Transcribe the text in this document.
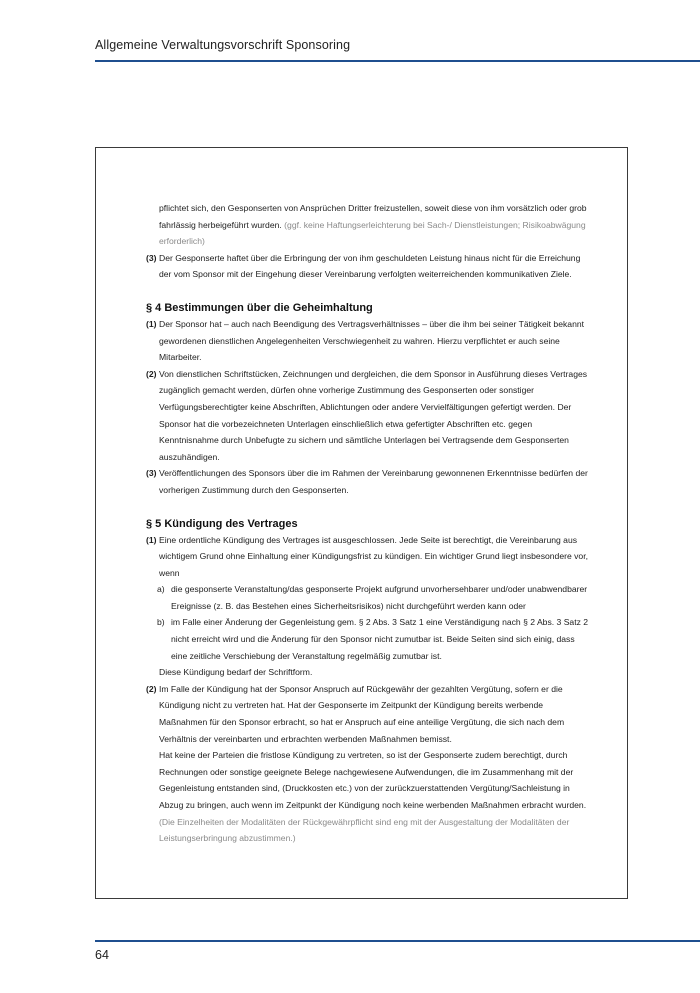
Allgemeine Verwaltungsvorschrift Sponsoring

pflichtet sich, den Gesponserten von Ansprüchen Dritter freizustellen, soweit diese von ihm vorsätzlich oder grob fahrlässig herbeigeführt wurden. (ggf. keine Haftungserleichterung bei Sach-/ Dienstleistungen; Risikoabwägung erforderlich)

(3) Der Gesponserte haftet über die Erbringung der von ihm geschuldeten Leistung hinaus nicht für die Erreichung der vom Sponsor mit der Eingehung dieser Vereinbarung verfolgten weiterreichenden kommunikativen Ziele.

§ 4 Bestimmungen über die Geheimhaltung

(1) Der Sponsor hat – auch nach Beendigung des Vertragsverhältnisses – über die ihm bei seiner Tätigkeit bekannt gewordenen dienstlichen Angelegenheiten Verschwiegenheit zu wahren. Hierzu verpflichtet er auch seine Mitarbeiter.

(2) Von dienstlichen Schriftstücken, Zeichnungen und dergleichen, die dem Sponsor in Ausführung dieses Vertrages zugänglich gemacht werden, dürfen ohne vorherige Zustimmung des Gesponserten oder sonstiger Verfügungsberechtigter keine Abschriften, Ablichtungen oder andere Vervielfältigungen gefertigt werden. Der Sponsor hat die vorbezeichneten Unterlagen einschließlich etwa gefertigter Abschriften etc. gegen Kenntnisnahme durch Unbefugte zu sichern und sämtliche Unterlagen bei Vertragsende dem Gesponserten auszuhändigen.

(3) Veröffentlichungen des Sponsors über die im Rahmen der Vereinbarung gewonnenen Erkenntnisse bedürfen der vorherigen Zustimmung durch den Gesponserten.

§ 5 Kündigung des Vertrages

(1) Eine ordentliche Kündigung des Vertrages ist ausgeschlossen. Jede Seite ist berechtigt, die Vereinbarung aus wichtigem Grund ohne Einhaltung einer Kündigungsfrist zu kündigen. Ein wichtiger Grund liegt insbesondere vor, wenn

a) die gesponserte Veranstaltung/das gesponserte Projekt aufgrund unvorhersehbarer und/oder unabwendbarer Ereignisse (z. B. das Bestehen eines Sicherheitsrisikos) nicht durchgeführt werden kann oder

b) im Falle einer Änderung der Gegenleistung gem. § 2 Abs. 3 Satz 1 eine Verständigung nach § 2 Abs. 3 Satz 2 nicht erreicht wird und die Änderung für den Sponsor nicht zumutbar ist. Beide Seiten sind sich einig, dass eine zeitliche Verschiebung der Veranstaltung regelmäßig zumutbar ist.

Diese Kündigung bedarf der Schriftform.

(2) Im Falle der Kündigung hat der Sponsor Anspruch auf Rückgewähr der gezahlten Vergütung, sofern er die Kündigung nicht zu vertreten hat. Hat der Gesponserte im Zeitpunkt der Kündigung bereits werbende Maßnahmen für den Sponsor erbracht, so hat er Anspruch auf eine anteilige Vergütung, die sich nach dem Verhältnis der vereinbarten und erbrachten werbenden Maßnahmen bemisst.

Hat keine der Parteien die fristlose Kündigung zu vertreten, so ist der Gesponserte zudem berechtigt, durch Rechnungen oder sonstige geeignete Belege nachgewiesene Aufwendungen, die im Zusammenhang mit der Gegenleistung entstanden sind, (Druckkosten etc.) von der zurückzuerstattenden Vergütung/Sachleistung in Abzug zu bringen, auch wenn im Zeitpunkt der Kündigung noch keine werbenden Maßnahmen erbracht wurden. (Die Einzelheiten der Modalitäten der Rückgewährpflicht sind eng mit der Ausgestaltung der Modalitäten der Leistungserbringung abzustimmen.)

64
